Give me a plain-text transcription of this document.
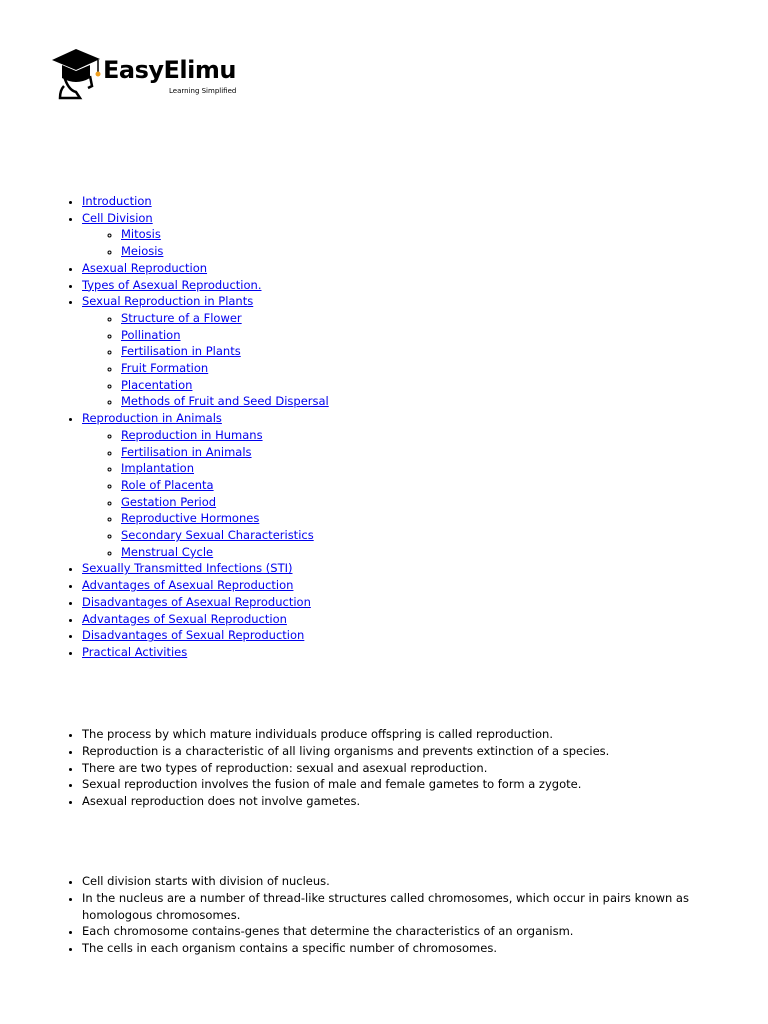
EasyElimu
Learning Simplified
• Introduction
• Cell Division
◦ Mitosis
◦ Meiosis
• Asexual Reproduction
• Types of Asexual Reproduction.
• Sexual Reproduction in Plants
◦ Structure of a Flower
◦ Pollination
◦ Fertilisation in Plants
◦ Fruit Formation
◦ Placentation
◦ Methods of Fruit and Seed Dispersal
• Reproduction in Animals
◦ Reproduction in Humans
◦ Fertilisation in Animals
◦ Implantation
◦ Role of Placenta
◦ Gestation Period
◦ Reproductive Hormones
◦ Secondary Sexual Characteristics
◦ Menstrual Cycle
• Sexually Transmitted Infections (STI)
• Advantages of Asexual Reproduction
• Disadvantages of Asexual Reproduction
• Advantages of Sexual Reproduction
• Disadvantages of Sexual Reproduction
• Practical Activities
• The process by which mature individuals produce offspring is called reproduction.
• Reproduction is a characteristic of all living organisms and prevents extinction of a species.
• There are two types of reproduction: sexual and asexual reproduction.
• Sexual reproduction involves the fusion of male and female gametes to form a zygote.
• Asexual reproduction does not involve gametes.
• Cell division starts with division of nucleus.
• In the nucleus are a number of thread-like structures called chromosomes, which occur in pairs known as homologous chromosomes.
• Each chromosome contains-genes that determine the characteristics of an organism.
• The cells in each organism contains a specific number of chromosomes.
